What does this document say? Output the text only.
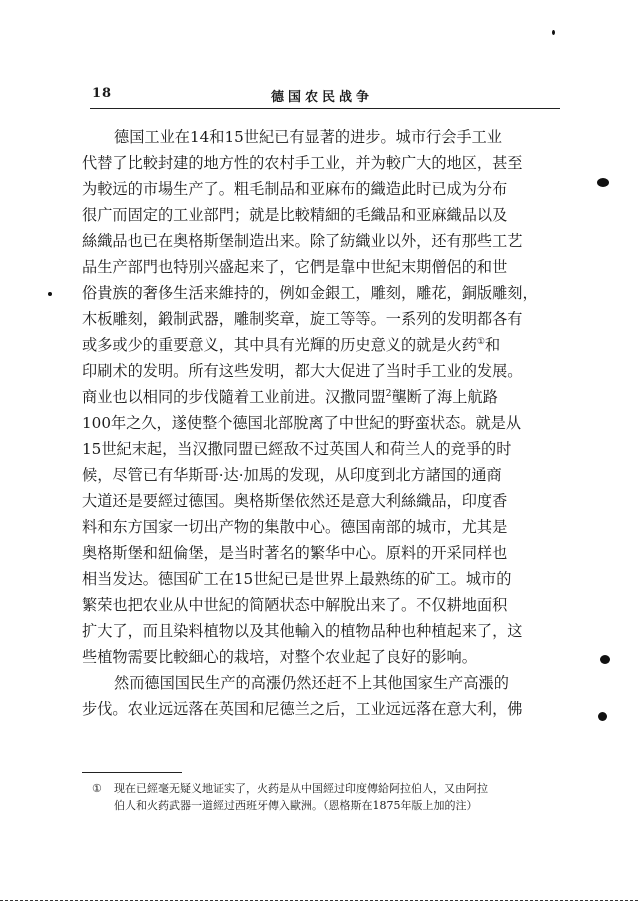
18	德国农民战争
德国工业在14和15世紀已有显著的进步。城市行会手工业
代替了比較封建的地方性的农村手工业，并为較广大的地区，甚至
为較远的市場生产了。粗毛制品和亚麻布的織造此时已成为分布
很广而固定的工业部門；就是比較精細的毛織品和亚麻織品以及
絲織品也已在奥格斯堡制造出来。除了紡織业以外，还有那些工艺
品生产部門也特別兴盛起来了，它們是靠中世紀末期僧侶的和世
俗貴族的奢侈生活来維持的，例如金銀工，雕刻，雕花，銅版雕刻，
木板雕刻，鍛制武器，雕制奖章，旋工等等。一系列的发明都各有
或多或少的重要意义，其中具有光輝的历史意义的就是火药①和
印刷术的发明。所有这些发明，都大大促进了当时手工业的发展。
商业也以相同的步伐隨着工业前进。汉撒同盟$^2$壟断了海上航路
100年之久，遂使整个德国北部脫离了中世紀的野蛮状态。就是从
15世紀末起，当汉撒同盟已經敌不过英国人和荷兰人的竞爭的时
候，尽管已有华斯哥·达·加馬的发现，从印度到北方諸国的通商
大道还是要經过德国。奥格斯堡依然还是意大利絲織品，印度香
料和东方国家一切出产物的集散中心。德国南部的城市，尤其是
奥格斯堡和紐倫堡，是当时著名的繁华中心。原料的开采同样也
相当发达。德国矿工在15世紀已是世界上最熟练的矿工。城市的
繁荣也把农业从中世紀的简陋状态中解脫出来了。不仅耕地面积
扩大了，而且染料植物以及其他輸入的植物品种也种植起来了，这
些植物需要比較細心的栽培，对整个农业起了良好的影响。
然而德国国民生产的高漲仍然还赶不上其他国家生产高漲的
步伐。农业远远落在英国和尼德兰之后，工业远远落在意大利，佛
① 现在已經毫无疑义地证实了，火药是从中国經过印度傳給阿拉伯人，又由阿拉
伯人和火药武器一道經过西班牙傳入歐洲。（恩格斯在1875年版上加的注）
